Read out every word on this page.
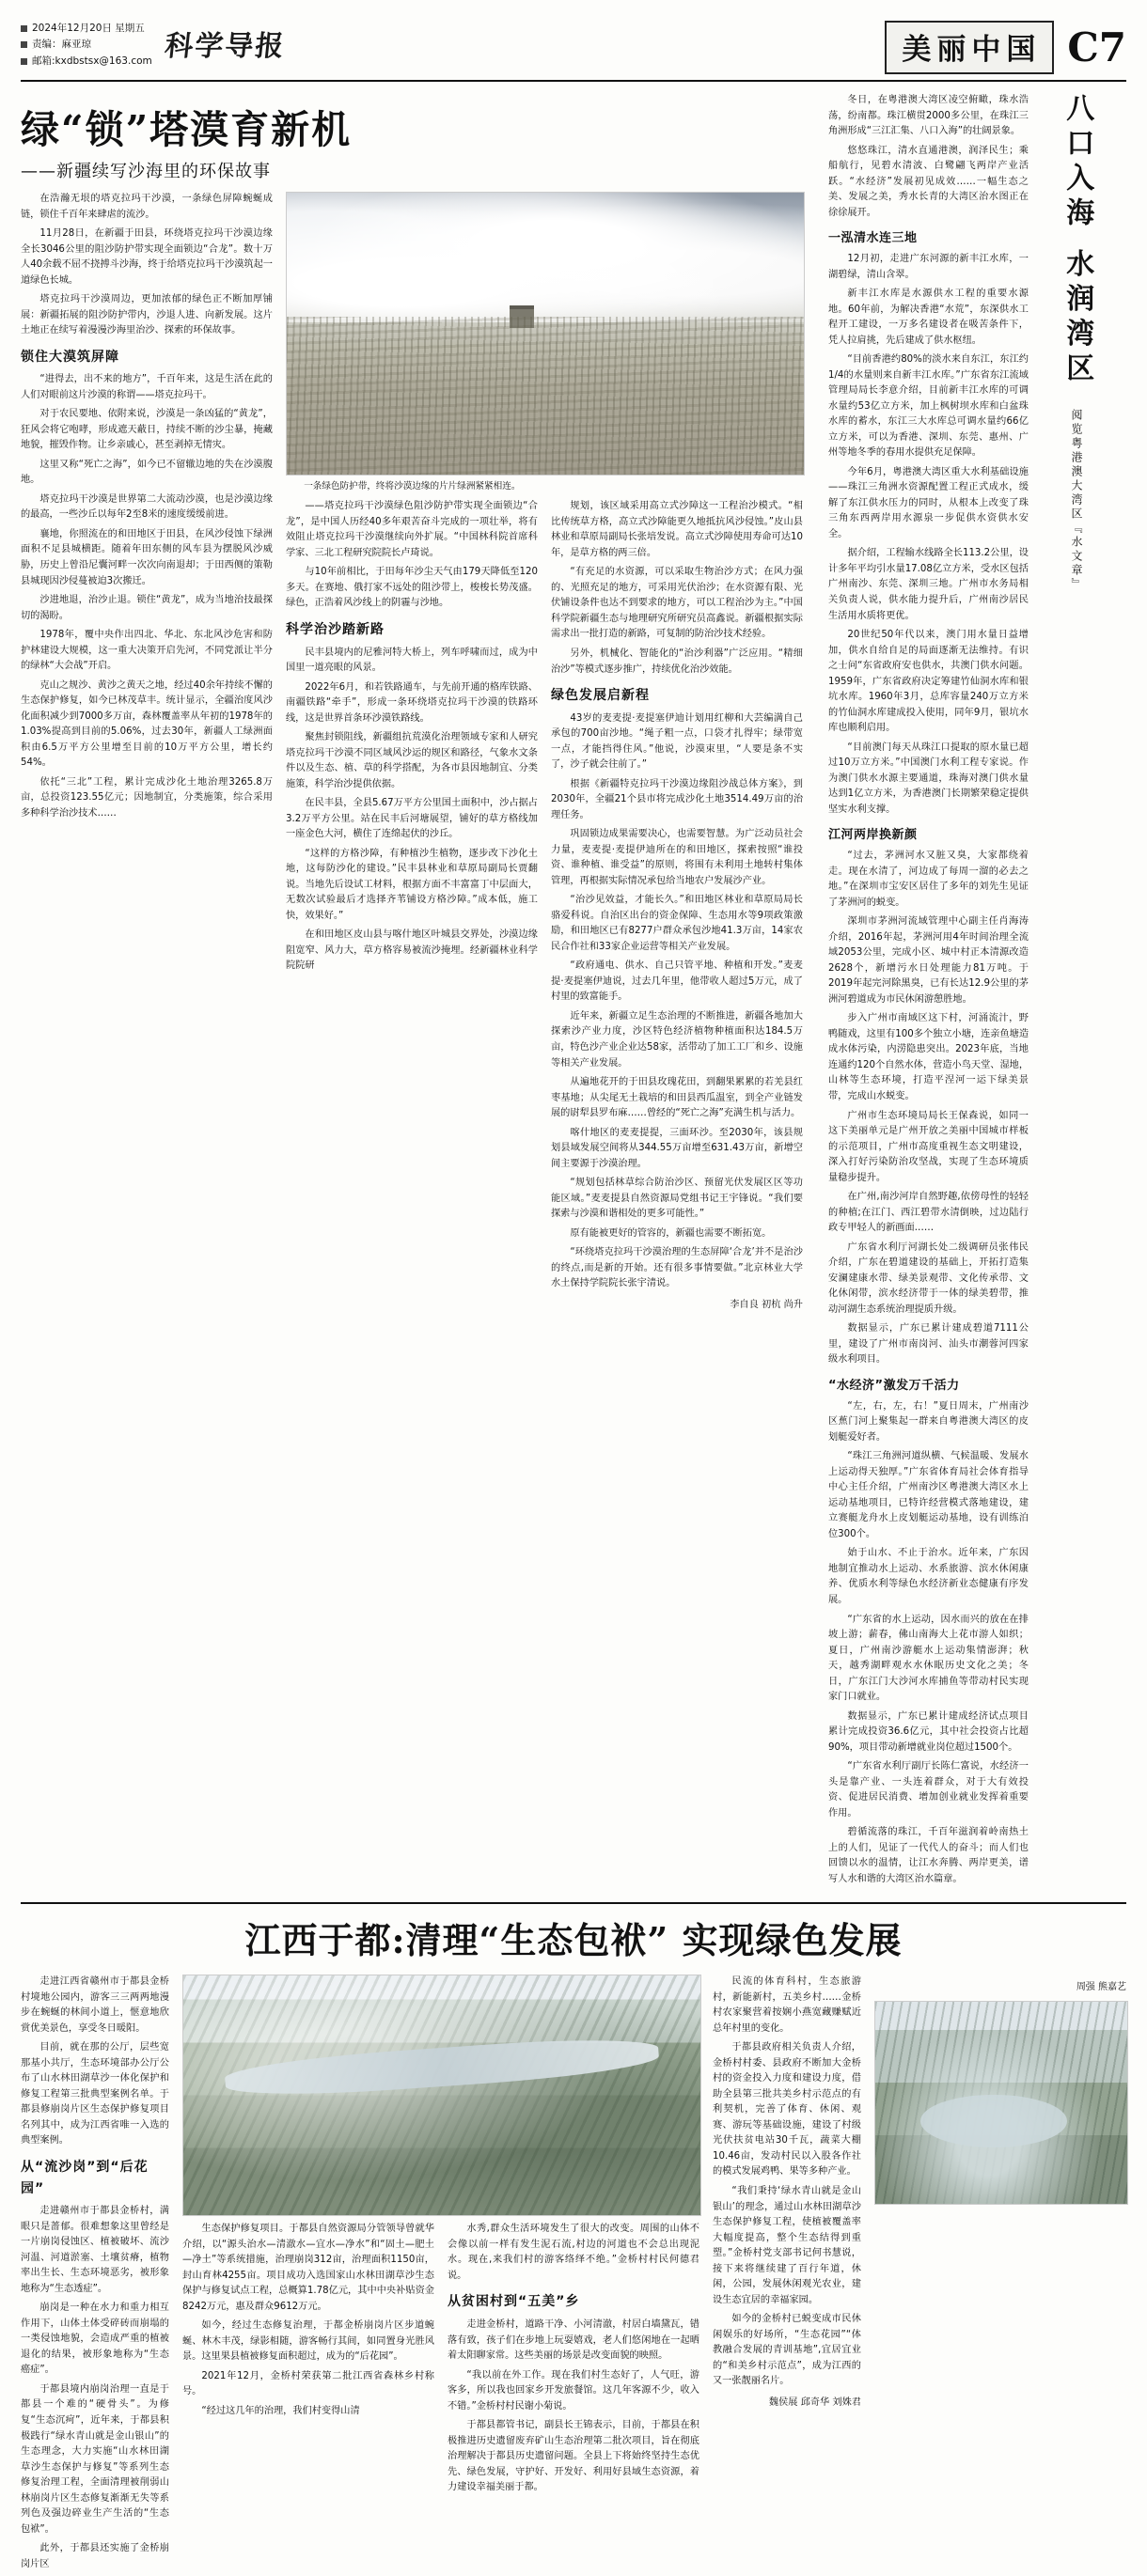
2024年12月20日 星期五
责编：麻亚琼
邮箱:kxdbstsx@163.com 科学导报	美丽中国 C7
绿“锁”塔漠育新机
——新疆续写沙海里的环保故事

在浩瀚无垠的塔克拉玛干沙漠，一条绿色屏障蜿蜒成链，锁住千百年来肆虐的流沙。

11月28日，在新疆于田县，环绕塔克拉玛干沙漠边缘全长3046公里的阻沙防护带实现全面锁边“合龙”。数十万人40余载不屈不挠搏斗沙海，终于给塔克拉玛干沙漠筑起一道绿色长城。

塔克拉玛干沙漠周边，更加浓郁的绿色正不断加厚铺展：新疆拓展的阻沙防护带内，沙退人进、向新发展。这片土地正在续写着漫漫沙海里治沙、探索的环保故事。

锁住大漠筑屏障

“进得去，出不来的地方”，千百年来，这是生活在此的人们对眼前这片沙漠的称谓——塔克拉玛干。

对于农民要地、依附来说，沙漠是一条凶猛的“黄龙”，狂风会将它咆哮，形成遮天蔽日，持续不断的沙尘暴，掩藏地貌，摧毁作物。让乡亲戚心，甚至剥掉无情灾。

这里又称“死亡之海”，如今已不留辙边地的失在沙漠腹地。

塔克拉玛干沙漠是世界第二大流动沙漠，也是沙漠边缘的最高，一些沙丘以每年2至8米的速度缓缓前进。

襄地，你照流在的和田地区于田县，在风沙侵蚀下绿洲面积不足县城横距。随着年田东侧的风车县为摆脱风沙威胁，历史上曾沿尼囊河畔一次次向南退却；于田西侧的策勒县城现因沙侵蔓被迫3次搬迁。

沙进地退，治沙止退。锁住“黄龙”，成为当地治技最探切的渴盼。

1978年，覆中央作出四北、华北、东北风沙危害和防护林建设大规模，这一重大决策开启先河，不同党派让半分的绿林“大会战”开启。

克山之规沙、黄沙之黄天之地，经过40余年持续不懈的生态保护修复，如今已林茂草丰。统计显示，全疆治度风沙化面积减少到7000多万亩，森林覆盖率从年初的1978年的1.03%提高到目前的5.06%，过去30年，新疆人工绿洲面积由6.5万平方公里增至目前的10万平方公里，增长约54%。

依托“三北”工程，累计完成沙化土地治理3265.8万亩，总投资123.55亿元；因地制宜，分类施策，综合采用多种科学治沙技术……

一条绿色防护带，终将沙漠边缘的片片绿洲紧紧相连。

——塔克拉玛干沙漠绿色阻沙防护带实现全面锁边“合龙”，是中国人历经40多年艰苦奋斗完成的一项壮举，将有效阻止塔克拉玛干沙漠继续向外扩展。“中国林科院首席科学家、三北工程研究院院长卢琦说。

与10年前相比，于田每年沙尘天气由179天降低至120多天。在赛地、俄打家不远处的阻沙带上，梭梭长势茂盛。绿色，正浩着风沙线上的阴霾与沙地。

科学治沙踏新路

民丰县境内的尼雅河特大桥上，列车呼啸而过，成为中国里一道亮眼的风景。

2022年6月，和若铁路通车，与先前开通的格库铁路、南疆铁路“牵手”，形成一条环绕塔克拉玛干沙漠的铁路环线，这是世界首条环沙漠铁路线。

聚焦封锁阻线，新疆组抗荒漠化治理领域专家和人研究塔克拉玛干沙漠不同区域风沙运的规区和路径，气象水文条件以及生态、植、草的科学搭配，为各市县因地制宜、分类施策，科学治沙提供依据。

在民丰县，全县5.67万平方公里国土面积中，沙占据占3.2万平方公里。站在民丰后河塘展望，铺好的草方格线加一座金色大河，横住了连绵起伏的沙丘。

“这样的方格沙障，有种植沙生植物，逐步改下沙化土地，这每防沙化的建设。”民丰县林业和草原局副局长贾翻说。当地先后设试工材料，根据方面不丰富富丁中层面大，无数次试验最后才选择齐苇铺设方格沙障。”成本低，施工快，效果好。”

在和田地区皮山县与喀什地区叶城县交界处，沙漠边缘阻宽窄、风力大，草方格容易被流沙掩埋。经新疆林业科学院院研

规划，该区域采用高立式沙障这一工程治沙模式。“相比传统草方格，高立式沙障能更久地抵抗风沙侵蚀。”皮山县林业和草原局副局长张培发说。高立式沙障使用寿命可达10年，是草方格的两三倍。

“有充足的水资源，可以采取生物治沙方式；在风力强的、光照充足的地方，可采用光伏治沙；在水资源有限、光伏铺设条件也达不到要求的地方，可以工程治沙为主。”中国科学院新疆生态与地理研究所研究员高鑫说。新疆根据实际需求出一批打造的新路，可复制的防治沙技术经验。

另外，机械化、智能化的“治沙利器”广泛应用。“精细治沙”等模式逐步推广，持续优化治沙效能。

绿色发展启新程

43岁的麦麦提·麦提塞伊迪计划用红柳和大芸编满自己承包的700亩沙地。“绳子粗一点，口袋才扎得牢；绿带宽一点，才能挡得住风。”他说，沙漠束里，“人要是条不实了，沙子就会往前了。”

根据《新疆特克拉玛干沙漠边缘阻沙战总体方案》，到2030年，全疆21个县市将完成沙化土地3514.49万亩的治理任务。

巩固锁边成果需要决心，也需要智慧。为广泛动员社会力量，麦麦提·麦提伊迪所在的和田地区，探索按照“谁投资、谁种植、谁受益”的原则，将围有未利用土地转村集体管理，再根据实际情况承包给当地农户发展沙产业。

“治沙见效益，才能长久。”和田地区林业和草原局局长骆爱科说。自治区出台的资金保障、生态用水等9项政策激励，和田地区已有8277户群众承包沙地41.3万亩，14家农民合作社和33家企业运营等相关产业发展。

“政府通电、供水、自己只管平地、种植和开发。”麦麦提·麦提塞伊迪说，过去几年里，他带收人超过5万元，成了村里的致富能手。

近年来，新疆立足生态治理的不断推进，新疆各地加大探索沙产业力度，沙区特色经济植物种植面积达184.5万亩，特色沙产业企业达58家，活带动了加工工厂和乡、设施等相关产业发展。

从遍地花开的于田县玫瑰花田，到翻果累累的若羌县红枣基地；从尖尾无土栽培的和田县西瓜温室，到全产业链发展的尉犁县罗布麻……曾经的“死亡之海”充满生机与活力。

喀什地区的麦麦提提，三面环沙。至2030年，该县规划县域发展空间将从344.55万亩增至631.43万亩，新增空间主要源于沙漠治理。

“规划包括林草综合防治沙区、预留光伏发展区区等功能区域。”麦麦提县自然资源局党组书记王宇锋说。“我们要探索与沙漠和谐相处的更多可能性。”

原有能被更好的管容的，新疆也需要不断拓宽。

“环绕塔克拉玛干沙漠治理的生态屏障‘合龙’并不是治沙的终点,而是新的开始。还有很多事情要做。”北京林业大学水土保持学院院长张宇清说。

李自良 初杭 尚升

冬日，在粤港澳大湾区凌空俯瞰，珠水浩荡，纷南都。珠江横贯2000多公里，在珠江三角洲形成“三江汇集、八口入海”的壮阔景象。

悠悠珠江，清水直通港澳，润泽民生；乘船航行，见碧水清波、白鹭翩飞两岸产业活跃。“水经济”发展初见成效……一幅生态之美、发展之美，秀水长青的大湾区治水图正在徐徐展开。

一泓清水连三地

12月初，走进广东河源的新丰江水库，一湖碧绿，清山含翠。

新丰江水库是水源供水工程的重要水源地。60年前，为解决香港“水荒”，东深供水工程开工建设，一万多名建设者在吸苦条件下，凭人拉肩挑，先后建成了供水枢纽。

“目前香港约80%的淡水来自东江，东江约1/4的水量则来自新丰江水库。”广东省东江流域管理局局长李意介绍，目前新丰江水库的可调水量约53亿立方米，加上枫树坝水库和白盆珠水库的蓄水，东江三大水库总可调水量约66亿立方米，可以为香港、深圳、东莞、惠州、广州等地冬季的春用水提供充足保障。

今年6月，粤港澳大湾区重大水利基础设施——珠江三角洲水资源配置工程正式成水，缓解了东江供水压力的同时，从根本上改变了珠三角东西两岸用水源泉一步促供水资供水安全。

据介绍，工程输水线路全长113.2公里，设计多年平均引水量17.08亿立方米，受水区包括广州南沙、东莞、深圳三地。广州市水务局相关负责人说，供水能力提升后，广州南沙居民生活用水质将更优。

20世纪50年代以来，澳门用水量日益增加，供水自给自足的局面逐渐无法维持。有识之士问“东省政府安也供水，共澳门供水问题。1959年，广东省政府决定筹建竹仙洞水库和银坑水库。1960年3月，总库容量240万立方米的竹仙洞水库建成投入使用，同年9月，银坑水库也顺利启用。

“目前澳门每天从珠江口提取的原水量已超过10万立方米。”中国澳门水利工程专家说。作为澳门供水水源主要通道，珠海对澳门供水量达到1亿立方米，为香港澳门长期繁荣稳定提供坚实水利支撑。

江河两岸换新颜

“过去，茅洲河水又脏又臭，大家都绕着走。现在水清了，河边成了每周一溜的必去之地。”在深圳市宝安区居住了多年的刘先生见证了茅洲河的蜕变。

深圳市茅洲河流域管理中心副主任肖海涛介绍，2016年起，茅洲河用4年时间治理全流域2053公里，完成小区、城中村正本清源改造2628个，新增污水日处理能力81万吨。于2019年起完河除黑臭，已有长达12.9公里的茅洲河碧道成为市民休闲游憩胜地。

步入广州市南域区这下村，河涌流汁，野鸭随戏，这里有100多个独立小塘，连亲鱼塘造成水体污染，内涝隐患突出。2023年底，当地连通约120个自然水体，营造小鸟天堂、湿地，山林等生态环境，打造平涅河一运下绿美景带，完成山水蜕变。

广州市生态环境局局长王保森说，如同一这下美丽单元是广州开放之美丽中国城市样板的示范项目，广州市高度重视生态文明建设，深入打好污染防治攻坚战，实现了生态环境质量稳步提升。

在广州,南沙河岸自然野趣,依傍母性的轻轻的种植;在江门、西江碧带水清倒映，过边陆行政专甲轻人的新画面……

广东省水利厅河湖长处二级调研员张伟民介绍，广东在碧道建设的基础上，开拓打造集安澜建康水带、绿美景观带、文化传承带、文化休闲带，滨水经济带于一体的绿美碧带，推动河湖生态系统治理提质升级。

数据显示，广东已累计建成碧道7111公里，建设了广州市南岗河、汕头市潮蓉河四家级水利项目。

“水经济”激发万千活力

“左，右，左，右！”夏日周末，广州南沙区蕉门河上聚集起一群来自粤港澳大湾区的皮划艇爱好者。

“珠江三角洲河道纵横、气候温暖、发展水上运动得天独厚。”广东省体育局社会体育指导中心主任介绍，广州南沙区粤港澳大湾区水上运动基地项目，已特许经营模式落地建设，建立赛艇龙舟水上皮划艇运动基地，设有训练泊位300个。

始于山水、不止于治水。近年来，广东因地制宜推动水上运动、水系旅游、滨水休闲康养、优质水利等绿色水经济新业态健康有序发展。

“广东省的水上运动，因水而兴的放在在排坡上游；薪春，佛山南海大上花市游人如织；夏日，广州南沙游艇水上运动集情澎湃；秋天，越秀湖畔观水水休眠历史文化之美；冬日，广东江门大沙河水库捕鱼等带动村民实现家门口就业。

数据显示，广东已累计建成经济试点项目累计完成投资36.6亿元，其中社会投资占比超90%，项目带动新增就业岗位超过1500个。

“广东省水利厅副厅长陈仁富说，水经济一头是靠产业、一头连着群众，对于大有效投资、促进居民消费、增加创业就业发挥着重要作用。

碧循流落的珠江，千百年滋润着岭南热土上的人们，见证了一代代人的奋斗；而人们也回馈以水的温情，让江水奔腾、两岸更美，谱写人水和谐的大湾区治水篇章。

八口入海 水润湾区
阅览粤港澳大湾区『水文章』
江西于都:清理“生态包袱” 实现绿色发展

走进江西省赣州市于都县金桥村境地公园内，游客三三两两地漫步在蜿蜒的林间小道上，惬意地欣赏优美景色，享受冬日暖阳。

目前，就在那的公厅，层些宽那基小共厅，生态环境部办公厅公布了山水林田湖草沙一体化保护和修复工程第三批典型案例名单。于都县修崩岗片区生态保护修复项目名列其中，成为江西省唯一入选的典型案例。

从“流沙岗”到“后花园”

走进赣州市于都县金桥村，满眼只是蔷郁。很难想象这里曾经是一片崩岗侵蚀区、植被破坏、流沙河温、河道淤塞、土壤贫瘠，植物率出生长、生态环境恶劣，被形象地称为“生态透症”。

崩岗是一种在水力和重力相互作用下，山体土体受碎砖而崩塌的一类侵蚀地貌，会造成严重的植被退化的结果，被形象地称为“生态癌症”。

于都县境内崩岗治理一直是于都县一个难的“硬骨头”。为修复“生态沉疴”，近年来，于都县积极践行“绿水青山就是金山银山”的生态理念，大力实施“山水林田湖草沙生态保护与修复”等系列生态修复治理工程，全面清理被削弱山林崩岗片区生态修复渐渐无失等系列色及强边碎业生产生活的“生态包袱”。

此外，于都县还实施了金桥崩岗片区

生态保护修复项目。于都县自然资源局分管领导曾就华介绍，以“源头治水—清澈水—宜水—净水”和“固土—肥土—净土”等系统措施，治理崩岗312亩，治理面积1150亩，封山育林4255亩。项目成功入选国家山水林田湖草沙生态保护与修复试点工程，总概算1.78亿元，其中中央补贴资金8242万元，惠及群众9612万元。

如今，经过生态修复治理，于都金桥崩岗片区步道蜿蜒、林木丰茂，绿影相随，游客畅行其间，如同置身光胜风景。这里果县植被修复面积超过，成为的“后花园”。

2021年12月，金桥村荣获第二批江西省森林乡村称号。

“经过这几年的治理，我们村变得山清

水秀,群众生活环境发生了很大的改变。周围的山体不会像以前一样有发生泥石流,村边的河道也不会总出现泥水。现在,来我们村的游客络绎不绝。”金桥村村民何德君说。

从贫困村到“五美”乡

走进金桥村，道路干净、小河清澈，村居白墙黛瓦，错落有致，孩子们在步地上玩耍嬉戏，老人们悠闲地在一起晒着太阳聊家常。这些美丽的场景是改变面貌的映照。

“我以前在外工作。现在我们村生态好了，人气旺，游客多，所以我也回家乡开发旅餐馆。这几年客源不少，收入不错。”金桥村村民谢小菊说。

于都县都管书记，副县长王锦表示，目前，于都县在积极推进历史遗留废弃矿山生态治理第二批次项目，旨在彻底治理解决于都县历史遗留问题。全县上下将始终坚持生态优先、绿色发展，守护好、开发好、利用好县域生态资源，着力建设幸福美丽于都。

民流的体育科村，生态旅游村，新能新村，五美乡村……金桥村农家聚营着按娴小燕宽藏赚赋近总年村里的变化。

于都县政府相关负责人介绍，金桥村村委、县政府不断加大金桥村的资金投入力度和建设力度，借助全县第三批共美乡村示范点的有利契机，完善了体育、休闲、观赛、游玩等基础设施，建设了村级光伏扶贫电站30千瓦，蔬菜大棚10.46亩，发动村民以入股各作社的模式发展鸡鸭、果等多种产业。

“我们秉持‘绿水青山就是金山银山’的理念，通过山水林田湖草沙生态保护修复工程，使植被覆盖率大幅度提高，整个生态结得到重塑。”金桥村党支部书记何书慧说，接下来将继续建了百行年道，休闲，公园，发展休闲观光农业，建设生态宜居的幸福家园。

如今的金桥村已蜕变成市民休闲娱乐的好场所，“生态花园”“体教融合发展的青训基地”,宜居宜业的“和美乡村示范点”，成为江西的又一张靓丽名片。

魏侯展 邱奇华 刘姝君
周强 熊嘉艺
